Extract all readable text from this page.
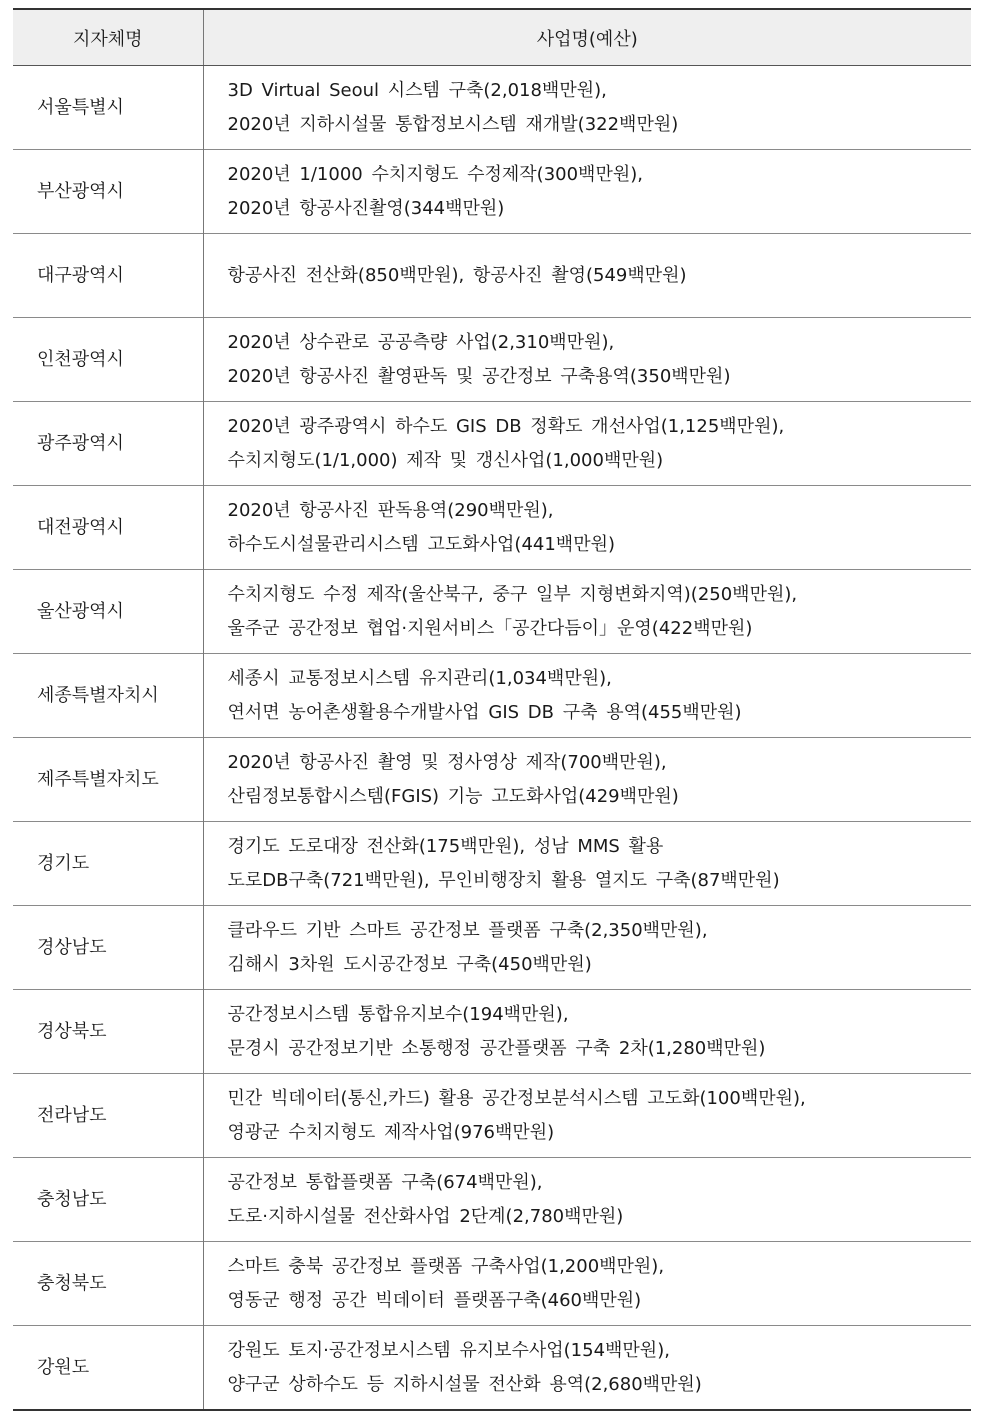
지자체명	사업명(예산)
서울특별시	3D Virtual Seoul 시스템 구축(2,018백만원),
2020년 지하시설물 통합정보시스템 재개발(322백만원)

부산광역시	2020년 1/1000 수치지형도 수정제작(300백만원),
2020년 항공사진촬영(344백만원)

대구광역시	항공사진 전산화(850백만원), 항공사진 촬영(549백만원)

인천광역시	2020년 상수관로 공공측량 사업(2,310백만원),
2020년 항공사진 촬영판독 및 공간정보 구축용역(350백만원)

광주광역시	2020년 광주광역시 하수도 GIS DB 정확도 개선사업(1,125백만원),
수치지형도(1/1,000) 제작 및 갱신사업(1,000백만원)

대전광역시	2020년 항공사진 판독용역(290백만원),
하수도시설물관리시스템 고도화사업(441백만원)

울산광역시	수치지형도 수정 제작(울산북구, 중구 일부 지형변화지역)(250백만원),
울주군 공간정보 협업·지원서비스「공간다듬이」운영(422백만원)

세종특별자치시	세종시 교통정보시스템 유지관리(1,034백만원),
연서면 농어촌생활용수개발사업 GIS DB 구축 용역(455백만원)

제주특별자치도	2020년 항공사진 촬영 및 정사영상 제작(700백만원),
산림정보통합시스템(FGIS) 기능 고도화사업(429백만원)

경기도	경기도 도로대장 전산화(175백만원), 성남 MMS 활용
도로DB구축(721백만원), 무인비행장치 활용 열지도 구축(87백만원)

경상남도	클라우드 기반 스마트 공간정보 플랫폼 구축(2,350백만원),
김해시 3차원 도시공간정보 구축(450백만원)

경상북도	공간정보시스템 통합유지보수(194백만원),
문경시 공간정보기반 소통행정 공간플랫폼 구축 2차(1,280백만원)

전라남도	민간 빅데이터(통신,카드) 활용 공간정보분석시스템 고도화(100백만원),
영광군 수치지형도 제작사업(976백만원)

충청남도	공간정보 통합플랫폼 구축(674백만원),
도로·지하시설물 전산화사업 2단계(2,780백만원)

충청북도	스마트 충북 공간정보 플랫폼 구축사업(1,200백만원),
영동군 행정 공간 빅데이터 플랫폼구축(460백만원)

강원도	강원도 토지·공간정보시스템 유지보수사업(154백만원),
양구군 상하수도 등 지하시설물 전산화 용역(2,680백만원)
